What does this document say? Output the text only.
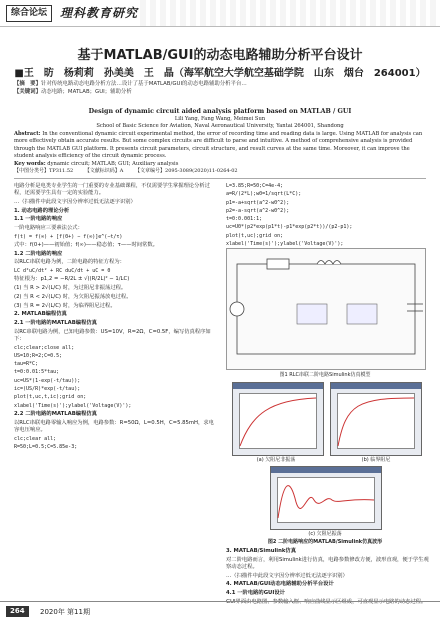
综合论坛	理科教育研究
基于MATLAB/GUI的动态电路辅助分析平台设计
■王　昉　杨莉莉　孙美美　王　晶（海军航空大学航空基础学院　山东　烟台　264001）
【摘　要】针对传统电路动态电路分析方法…设计了基于MATLAB/GUI的动态电路辅助分析平台…
【关键词】动态电路；MATLAB；GUI；辅助分析
Design of dynamic circuit aided analysis platform based on MATLAB / GUI
Lili Yang, Fang Wang, Meimei Sun
School of Basic Science for Aviation, Naval Aeronautical University, Yantai 264001, Shandong
Abstract: In the conventional dynamic circuit experimental method, the error of recording time and reading data is large. Using MATLAB for analysis can more effectively obtain accurate results. But some complex circuits are difficult to parse and intuitive. A method of comprehensive analysis is provided through the MATLAB GUI platform. It presents circuit parameters, circuit structure, and result curves at the same time. Moreover, it can improve the student analysis efficiency of the circuit dynamic process.
Key words: dynamic circuit; MATLAB; GUI; Auxiliary analysis
【中图分类号】TP311.52 【文献标识码】A 【文章编号】2095-3089(2020)11-0264-02

电路分析是电类专业学生的一门重要的专业基础课程，不仅需要学生掌握理论分析过程，还需要学生具有一定的实验能力。

…（扫描件中此段文字因分辨率过低无法逐字识别）

1. 动态电路的理论分析

1.1 一阶电路的响应

一阶电路响应三要素法公式：

f(t) = f(∞) + [f(0+) − f(∞)]e^(−t/τ)

式中：f(0+)——初始值；f(∞)——稳态值；τ——时间常数。

1.2 二阶电路的响应

以RLC串联电路为例，二阶电路的特征方程为：

LC d²uC/dt² + RC duC/dt + uC = 0

特征根为：p1,2 = −R/2L ± √((R/2L)² − 1/LC)

(1) 当 R > 2√(L/C) 时，为过阻尼非振荡过程。

(2) 当 R < 2√(L/C) 时，为欠阻尼振荡放电过程。

(3) 当 R = 2√(L/C) 时，为临界阻尼过程。

2. MATLAB编程仿真

2.1 一阶电路的MATLAB编程仿真

以RC串联电路为例，已知电路参数：US=10V，R=2Ω，C=0.5F，编写仿真程序如下：

clc;clear;close all;

US=10;R=2;C=0.5;

tau=R*C;

t=0:0.01:5*tau;

uc=US*(1-exp(-t/tau));

ic=(US/R)*exp(-t/tau);

plot(t,uc,t,ic);grid on;

xlabel('Time(s)');ylabel('Voltage(V)');

2.2 二阶电路的MATLAB编程仿真

以RLC串联电路零输入响应为例，电路参数：R=50Ω，L=0.5H，C=5.85mH，求电容电压响应。

clc;clear all;

R=50;L=0.5;C=5.85e-3;

L=3.85;R=50;C=4e-4;

a=R/(2*L);w0=1/sqrt(L*C);

p1=-a+sqrt(a^2-w0^2);

p2=-a-sqrt(a^2-w0^2);

t=0:0.001:1;

uc=U0*(p2*exp(p1*t)-p1*exp(p2*t))/(p2-p1);

plot(t,uc);grid on;

xlabel('Time(s)');ylabel('Voltage(V)');

图1 RLC串联二阶电路Simulink仿真模型
(a) 欠阻尼非振荡	(b) 临界阻尼
(c) 欠阻尼振荡
图2 二阶电路响应的MATLAB/Simulink仿真波形

3. MATLAB/Simulink仿真

对二阶电路而言，利用Simulink进行仿真，电路参数修改方便，波形直观，便于学生观察动态过程。

…（扫描件中此段文字因分辨率过低无法逐字识别）

4. MATLAB/GUI动态电路辅助分析平台设计

4.1 一阶电路的GUI设计

GUI界面由电路图、参数输入框、响应曲线显示区组成，可直观显示电路的动态过程。

264	2020年 第11期
